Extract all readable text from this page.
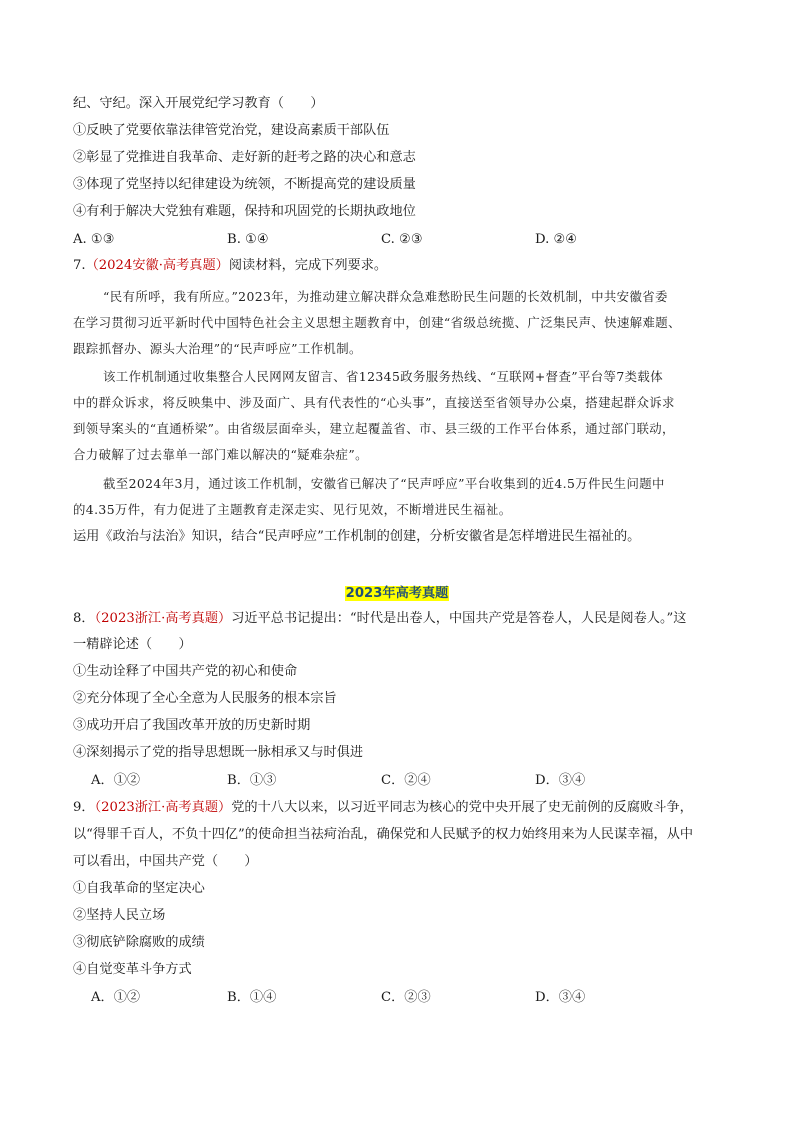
纪、守纪。深入开展党纪学习教育（　　）
①反映了党要依靠法律管党治党，建设高素质干部队伍
②彰显了党推进自我革命、走好新的赶考之路的决心和意志
③体现了党坚持以纪律建设为统领，不断提高党的建设质量
④有利于解决大党独有难题，保持和巩固党的长期执政地位
A. ①③	B. ①④	C. ②③	D. ②④
7.（2024安徽·高考真题）阅读材料，完成下列要求。
“民有所呼，我有所应。”2023年，为推动建立解决群众急难愁盼民生问题的长效机制，中共安徽省委
在学习贯彻习近平新时代中国特色社会主义思想主题教育中，创建“省级总统揽、广泛集民声、快速解难题、
跟踪抓督办、源头大治理”的“民声呼应”工作机制。
该工作机制通过收集整合人民网网友留言、省12345政务服务热线、“互联网+督查”平台等7类载体
中的群众诉求，将反映集中、涉及面广、具有代表性的“心头事”，直接送至省领导办公桌，搭建起群众诉求
到领导案头的“直通桥梁”。由省级层面牵头，建立起覆盖省、市、县三级的工作平台体系，通过部门联动，
合力破解了过去靠单一部门难以解决的“疑难杂症”。
截至2024年3月，通过该工作机制，安徽省已解决了“民声呼应”平台收集到的近4.5万件民生问题中
的4.35万件，有力促进了主题教育走深走实、见行见效，不断增进民生福祉。
运用《政治与法治》知识，结合“民声呼应”工作机制的创建，分析安徽省是怎样增进民生福祉的。
2023年高考真题
8．（2023浙江·高考真题）习近平总书记提出：“时代是出卷人，中国共产党是答卷人，人民是阅卷人。”这
一精辟论述（　　）
①生动诠释了中国共产党的初心和使命
②充分体现了全心全意为人民服务的根本宗旨
③成功开启了我国改革开放的历史新时期
④深刻揭示了党的指导思想既一脉相承又与时俱进
A．①②	B．①③	C．②④	D．③④
9．（2023浙江·高考真题）党的十八大以来，以习近平同志为核心的党中央开展了史无前例的反腐败斗争，
以“得罪千百人，不负十四亿”的使命担当祛疴治乱，确保党和人民赋予的权力始终用来为人民谋幸福，从中
可以看出，中国共产党（　　）
①自我革命的坚定决心
②坚持人民立场
③彻底铲除腐败的成绩
④自觉变革斗争方式
A．①②	B．①④	C．②③	D．③④
